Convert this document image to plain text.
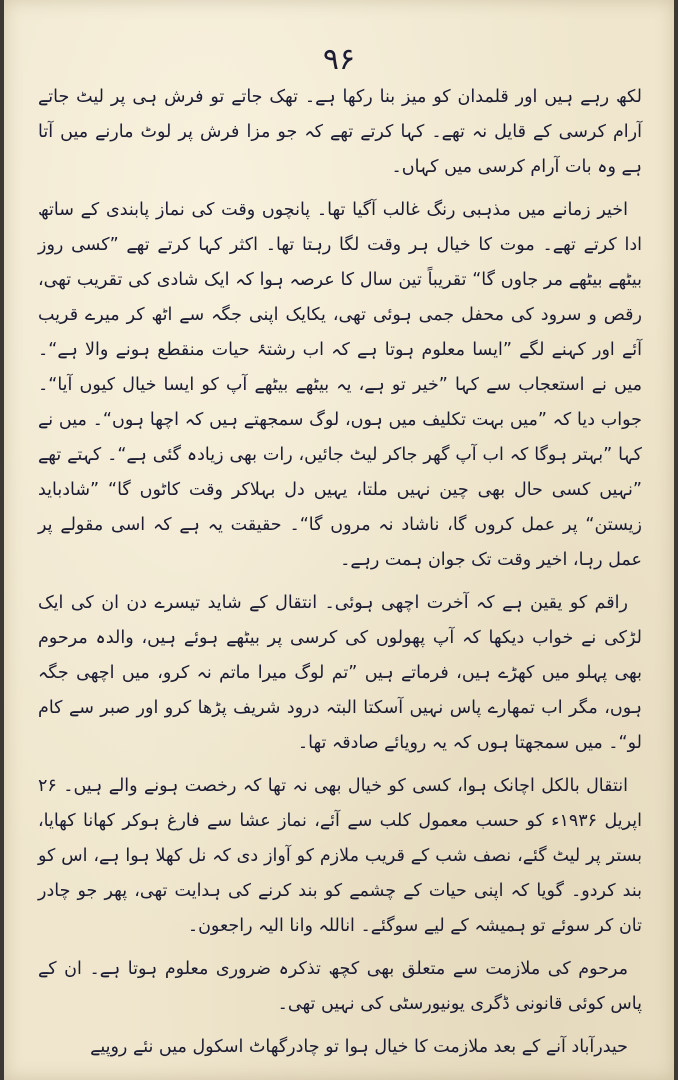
۹۶

لکھ رہے ہیں اور قلمدان کو میز بنا رکھا ہے۔ تھک جاتے تو فرش ہی پر لیٹ جاتے آرام کرسی کے قایل نہ تھے۔ کہا کرتے تھے کہ جو مزا فرش پر لوٹ مارنے میں آتا ہے وہ بات آرام کرسی میں کہاں۔

اخیر زمانے میں مذہبی رنگ غالب آگیا تھا۔ پانچوں وقت کی نماز پابندی کے ساتھ ادا کرتے تھے۔ موت کا خیال ہر وقت لگا رہتا تھا۔ اکثر کہا کرتے تھے ”کسی روز بیٹھے بیٹھے مر جاوں گا“ تقریباً تین سال کا عرصہ ہوا کہ ایک شادی کی تقریب تھی، رقص و سرود کی محفل جمی ہوئی تھی، یکایک اپنی جگہ سے اٹھ کر میرے قریب آئے اور کہنے لگے ”ایسا معلوم ہوتا ہے کہ اب رشتۂ حیات منقطع ہونے والا ہے“۔ میں نے استعجاب سے کہا ”خیر تو ہے، یہ بیٹھے بیٹھے آپ کو ایسا خیال کیوں آیا“۔ جواب دیا کہ ”میں بہت تکلیف میں ہوں، لوگ سمجھتے ہیں کہ اچھا ہوں“۔ میں نے کہا ”بہتر ہوگا کہ اب آپ گھر جاکر لیٹ جائیں، رات بھی زیادہ گئی ہے“۔ کہتے تھے ”نہیں کسی حال بھی چین نہیں ملتا، یہیں دل بہلاکر وقت کاٹوں گا“ ”شادباید زیستن“ پر عمل کروں گا، ناشاد نہ مروں گا“۔ حقیقت یہ ہے کہ اسی مقولے پر عمل رہا، اخیر وقت تک جوان ہمت رہے۔

راقم کو یقین ہے کہ آخرت اچھی ہوئی۔ انتقال کے شاید تیسرے دن ان کی ایک لڑکی نے خواب دیکھا کہ آپ پھولوں کی کرسی پر بیٹھے ہوئے ہیں، والدہ مرحوم بھی پہلو میں کھڑے ہیں، فرماتے ہیں ”تم لوگ میرا ماتم نہ کرو، میں اچھی جگہ ہوں، مگر اب تمھارے پاس نہیں آسکتا البتہ درود شریف پڑھا کرو اور صبر سے کام لو“۔ میں سمجھتا ہوں کہ یہ رویائے صادقہ تھا۔

انتقال بالکل اچانک ہوا، کسی کو خیال بھی نہ تھا کہ رخصت ہونے والے ہیں۔ ۲۶ اپریل ۱۹۳۶ء کو حسب معمول کلب سے آئے، نماز عشا سے فارغ ہوکر کھانا کھایا، بستر پر لیٹ گئے، نصف شب کے قریب ملازم کو آواز دی کہ نل کھلا ہوا ہے، اس کو بند کردو۔ گویا کہ اپنی حیات کے چشمے کو بند کرنے کی ہدایت تھی، پھر جو چادر تان کر سوئے تو ہمیشہ کے لیے سوگئے۔ اناللہ وانا الیہ راجعون۔

مرحوم کی ملازمت سے متعلق بھی کچھ تذکرہ ضروری معلوم ہوتا ہے۔ ان کے پاس کوئی قانونی ڈگری یونیورسٹی کی نہیں تھی۔

حیدرآباد آنے کے بعد ملازمت کا خیال ہوا تو چادرگھاٹ اسکول میں نئے روپیے
